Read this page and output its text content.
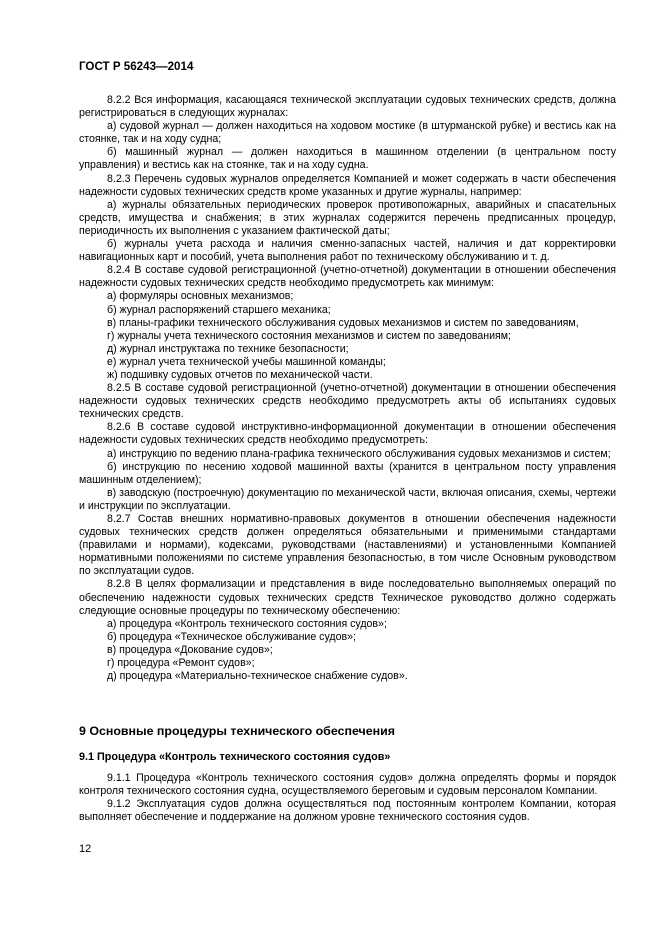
ГОСТ Р 56243—2014

8.2.2 Вся информация, касающаяся технической эксплуатации судовых технических средств, должна регистрироваться в следующих журналах:

а) судовой журнал — должен находиться на ходовом мостике (в штурманской рубке) и вестись как на стоянке, так и на ходу судна;

б) машинный журнал — должен находиться в машинном отделении (в центральном посту управления) и вестись как на стоянке, так и на ходу судна.

8.2.3 Перечень судовых журналов определяется Компанией и может содержать в части обеспечения надежности судовых технических средств кроме указанных и другие журналы, например:

а) журналы обязательных периодических проверок противопожарных, аварийных и спасательных средств, имущества и снабжения; в этих журналах содержится перечень предписанных процедур, периодичность их выполнения с указанием фактической даты;

б) журналы учета расхода и наличия сменно-запасных частей, наличия и дат корректировки навигационных карт и пособий, учета выполнения работ по техническому обслуживанию и т. д.

8.2.4 В составе судовой регистрационной (учетно-отчетной) документации в отношении обеспечения надежности судовых технических средств необходимо предусмотреть как минимум:

а) формуляры основных механизмов;

б) журнал распоряжений старшего механика;

в) планы-графики технического обслуживания судовых механизмов и систем по заведованиям,

г) журналы учета технического состояния механизмов и систем по заведованиям;

д) журнал инструктажа по технике безопасности;

е) журнал учета технической учебы машинной команды;

ж) подшивку судовых отчетов по механической части.

8.2.5 В составе судовой регистрационной (учетно-отчетной) документации в отношении обеспечения надежности судовых технических средств необходимо предусмотреть акты об испытаниях судовых технических средств.

8.2.6 В составе судовой инструктивно-информационной документации в отношении обеспечения надежности судовых технических средств необходимо предусмотреть:

а) инструкцию по ведению плана-графика технического обслуживания судовых механизмов и систем;

б) инструкцию по несению ходовой машинной вахты (хранится в центральном посту управления машинным отделением);

в) заводскую (построечную) документацию по механической части, включая описания, схемы, чертежи и инструкции по эксплуатации.

8.2.7 Состав внешних нормативно-правовых документов в отношении обеспечения надежности судовых технических средств должен определяться обязательными и применимыми стандартами (правилами и нормами), кодексами, руководствами (наставлениями) и установленными Компанией нормативными положениями по системе управления безопасностью, в том числе Основным руководством по эксплуатации судов.

8.2.8 В целях формализации и представления в виде последовательно выполняемых операций по обеспечению надежности судовых технических средств Техническое руководство должно содержать следующие основные процедуры по техническому обеспечению:

а) процедура «Контроль технического состояния судов»;

б) процедура «Техническое обслуживание судов»;

в) процедура «Докование судов»;

г) процедура «Ремонт судов»;

д) процедура «Материально-техническое снабжение судов».

9 Основные процедуры технического обеспечения
9.1 Процедура «Контроль технического состояния судов»

9.1.1 Процедура «Контроль технического состояния судов» должна определять формы и порядок контроля технического состояния судна, осуществляемого береговым и судовым персоналом Компании.

9.1.2 Эксплуатация судов должна осуществляться под постоянным контролем Компании, которая выполняет обеспечение и поддержание на должном уровне технического состояния судов.

12
